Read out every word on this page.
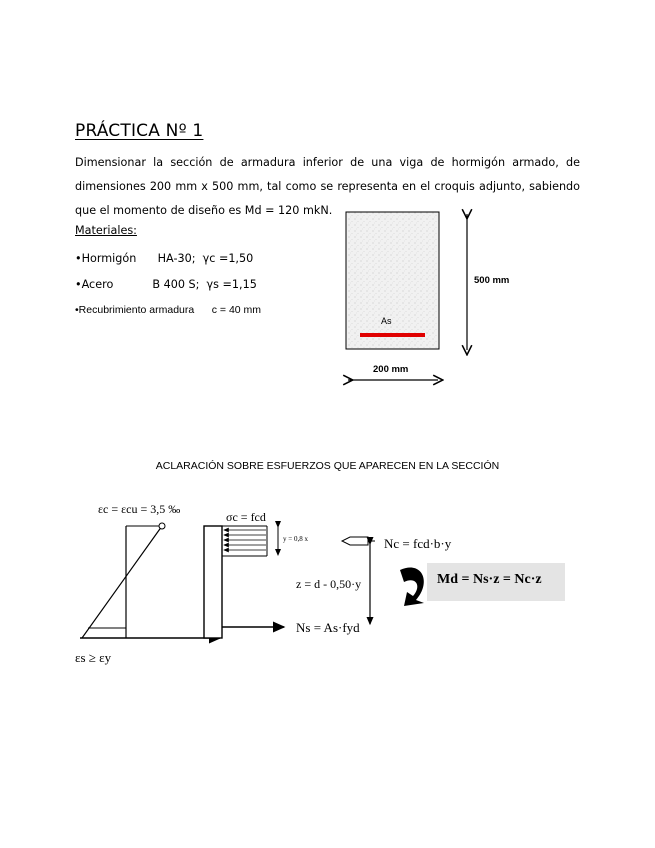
PRÁCTICA Nº 1
Dimensionar la sección de armadura inferior de una viga de hormigón armado, de
dimensiones 200 mm x 500 mm, tal como se representa en el croquis adjunto, sabiendo
que el momento de diseño es Md = 120 mkN.
Materiales:
•Hormigón      HA-30;  γc =1,50
•Acero           B 400 S;  γs =1,15
•Recubrimiento armadura      c = 40 mm
As
500 mm
200 mm
ACLARACIÓN SOBRE ESFUERZOS QUE APARECEN EN LA SECCIÓN
εc = εcu = 3,5 ‰
εs ≥ εy
σc = fcd
y = 0,8 x	Nc = fcd·b·y
z = d - 0,50·y
Ns = As·fyd
Md = Ns·z = Nc·z
